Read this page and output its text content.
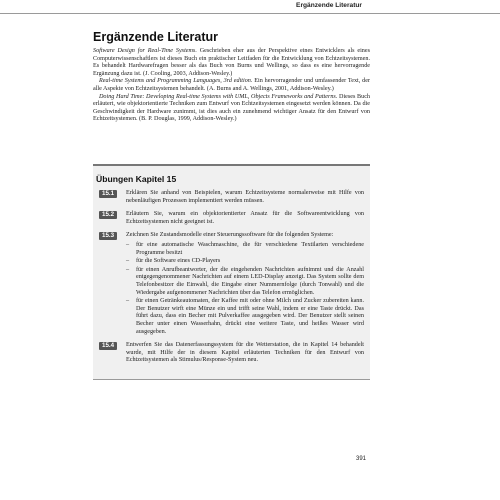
Ergänzende Literatur
Ergänzende Literatur

Software Design for Real-Time Systems. Geschrieben eher aus der Perspektive eines Entwicklers als eines Computerwissenschaftlers ist dieses Buch ein praktischer Leitfaden für die Entwicklung von Echtzeitsystemen. Es behandelt Hardwarefragen besser als das Buch von Burns und Wellings, so dass es eine hervorragende Ergänzung dazu ist. (J. Cooling, 2003, Addison-Wesley.)

Real-time Systems and Programming Languages, 3rd edition. Ein hervorragender und umfassender Text, der alle Aspekte von Echtzeitsystemen behandelt. (A. Burns and A. Wellings, 2001, Addison-Wesley.)

Doing Hard Time: Developing Real-time Systems with UML, Objects Frameworks and Patterns. Dieses Buch erläutert, wie objektorientierte Techniken zum Entwurf von Echtzeitsystemen eingesetzt werden können. Da die Geschwindigkeit der Hardware zunimmt, ist dies auch ein zunehmend wichtiger Ansatz für den Entwurf von Echtzeitsystemen. (B. P. Douglas, 1999, Addison-Wesley.)

Übungen Kapitel 15
15.1	Erklären Sie anhand von Beispielen, warum Echtzeitsysteme normalerweise mit Hilfe von nebenläufigen Prozessen implementiert werden müssen.
15.2	Erläutern Sie, warum ein objektorientierter Ansatz für die Softwareentwicklung von Echtzeitsystemen nicht geeignet ist.
15.3	Zeichnen Sie Zustandsmodelle einer Steuerungssoftware für die folgenden Systeme:
– für eine automatische Waschmaschine, die für verschiedene Textilarten verschiedene Programme besitzt
– für die Software eines CD-Players
– für einen Anrufbeantworter, der die eingehenden Nachrichten aufnimmt und die Anzahl entgegengenommener Nachrichten auf einem LED-Display anzeigt. Das System sollte dem Telefonbesitzer die Einwahl, die Eingabe einer Nummernfolge (durch Tonwahl) und die Wiedergabe aufgenommener Nachrichten über das Telefon ermöglichen.
– für einen Getränkeautomaten, der Kaffee mit oder ohne Milch und Zucker zubereiten kann. Der Benutzer wirft eine Münze ein und trifft seine Wahl, indem er eine Taste drückt. Das führt dazu, dass ein Becher mit Pulverkaffee ausgegeben wird. Der Benutzer stellt seinen Becher unter einen Wasserhahn, drückt eine weitere Taste, und heißes Wasser wird ausgegeben.
15.4	Entwerfen Sie das Datenerfassungssystem für die Wetterstation, die in Kapitel 14 behandelt wurde, mit Hilfe der in diesem Kapitel erläuterten Techniken für den Entwurf von Echtzeitsystemen als Stimulus/Response-System neu.
391
